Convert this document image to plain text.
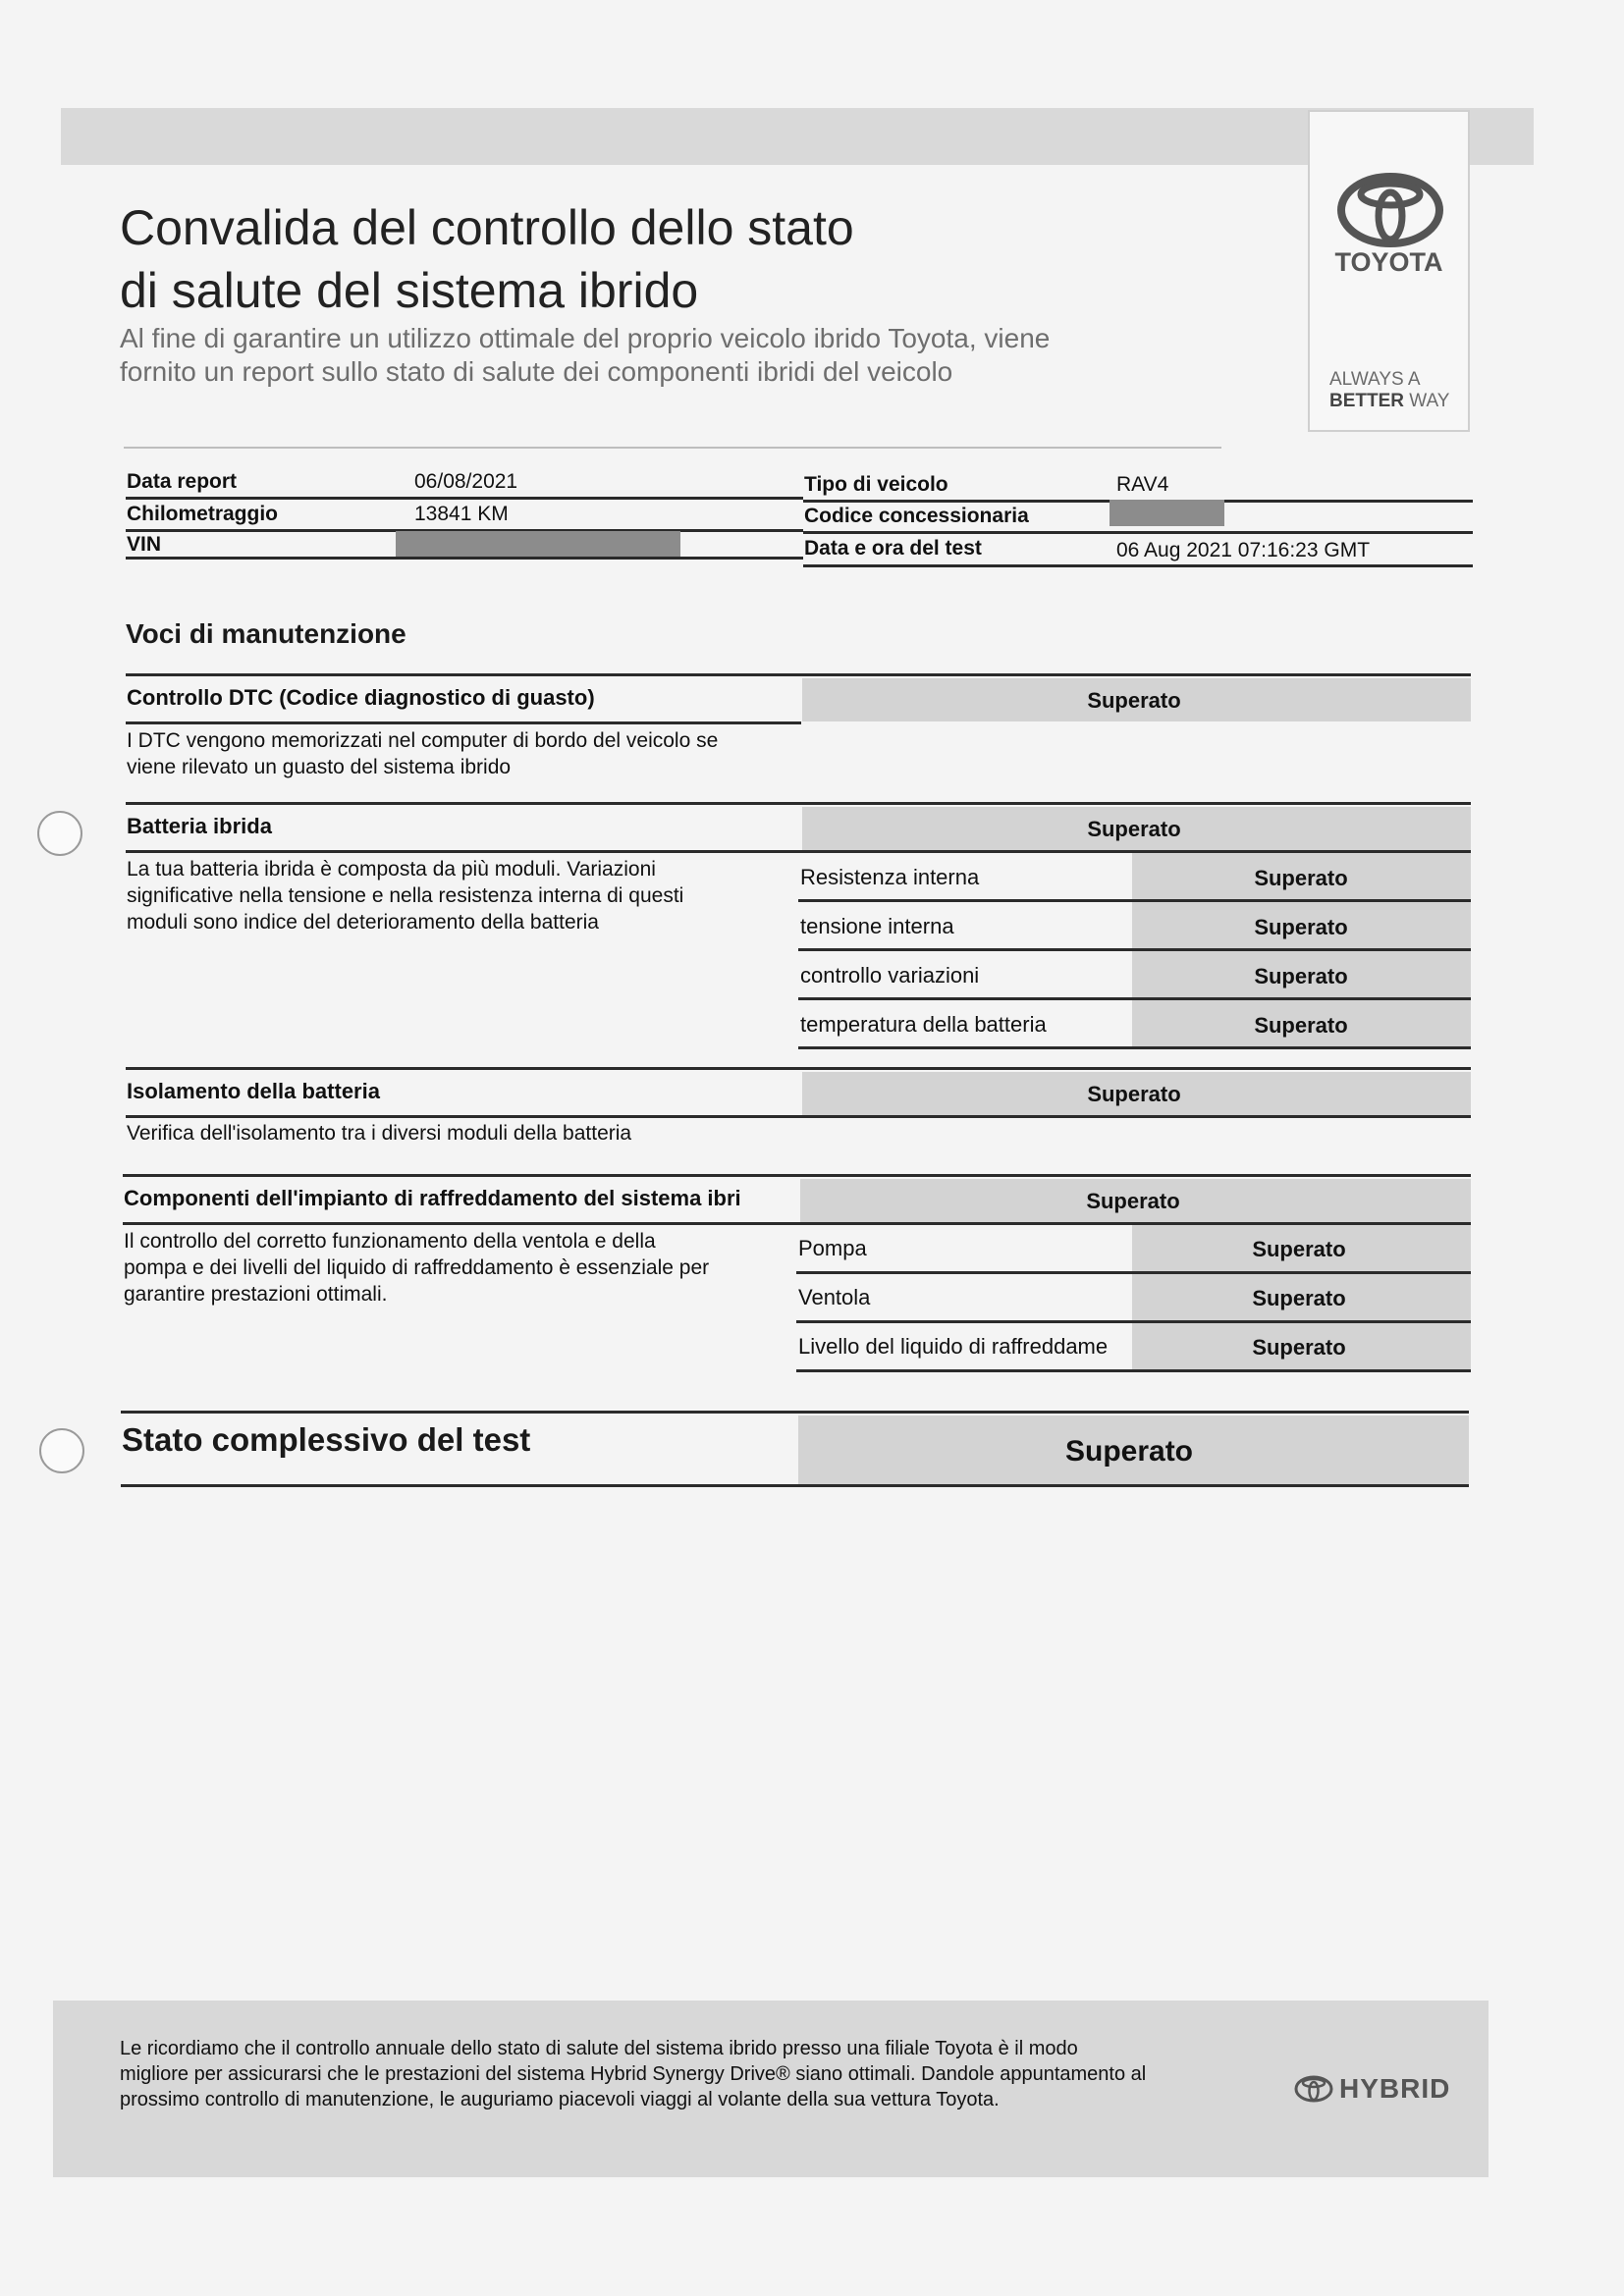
TOYOTA
ALWAYS A
BETTER WAY
Convalida del controllo dello stato
di salute del sistema ibrido
Al fine di garantire un utilizzo ottimale del proprio veicolo ibrido Toyota, viene
fornito un report sullo stato di salute dei componenti ibridi del veicolo
Data report	06/08/2021
Chilometraggio	13841 KM
VIN
Tipo di veicolo	RAV4
Codice concessionaria
Data e ora del test	06 Aug 2021 07:16:23 GMT
Voci di manutenzione
Controllo DTC (Codice diagnostico di guasto)	Superato
I DTC vengono memorizzati nel computer di bordo del veicolo se
viene rilevato un guasto del sistema ibrido
Batteria ibrida	Superato
La tua batteria ibrida è composta da più moduli. Variazioni
significative nella tensione e nella resistenza interna di questi
moduli sono indice del deterioramento della batteria
Resistenza interna	Superato
tensione interna	Superato
controllo variazioni	Superato
temperatura della batteria	Superato
Isolamento della batteria	Superato
Verifica dell'isolamento tra i diversi moduli della batteria
Componenti dell'impianto di raffreddamento del sistema ibri	Superato
Il controllo del corretto funzionamento della ventola e della
pompa e dei livelli del liquido di raffreddamento è essenziale per
garantire prestazioni ottimali.
Pompa	Superato
Ventola	Superato
Livello del liquido di raffreddame	Superato
Stato complessivo del test	Superato
Le ricordiamo che il controllo annuale dello stato di salute del sistema ibrido presso una filiale Toyota è il modo
migliore per assicurarsi che le prestazioni del sistema Hybrid Synergy Drive® siano ottimali. Dandole appuntamento al
prossimo controllo di manutenzione, le auguriamo piacevoli viaggi al volante della sua vettura Toyota.	HYBRID
